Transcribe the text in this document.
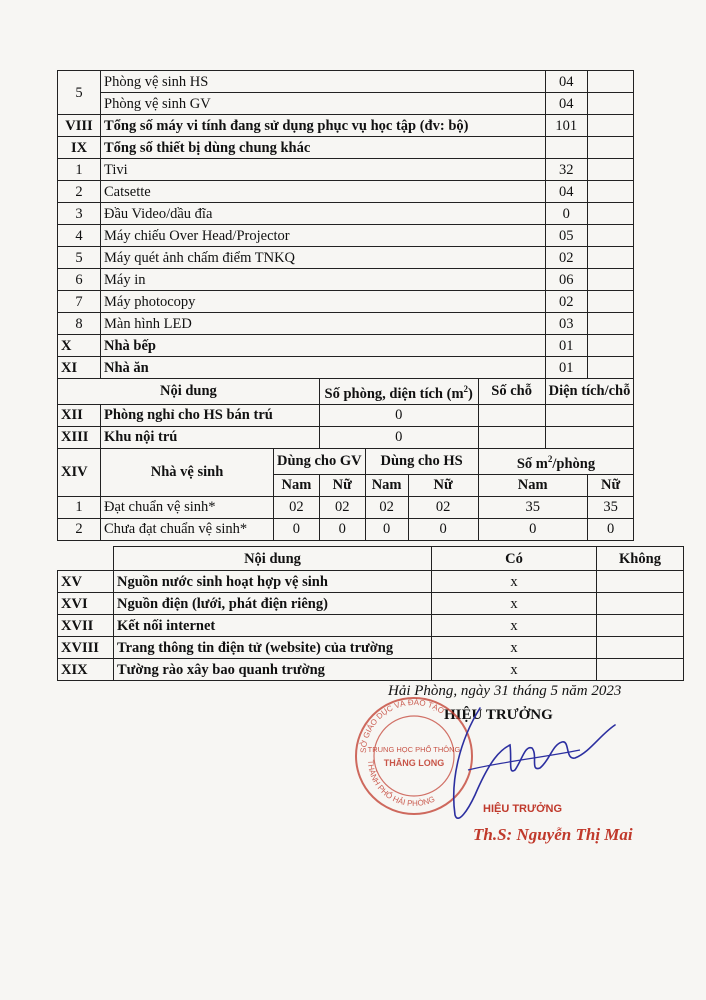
5	Phòng vệ sinh HS						04	
	Phòng vệ sinh GV						04	
VIII	Tổng số máy vi tính đang sử dụng phục vụ học tập (đv: bộ)						101	
IX	Tổng số thiết bị dùng chung khác							
1	Tivi						32	
2	Catsette						04	
3	Đầu Video/dầu đĩa						0	
4	Máy chiếu Over Head/Projector						05	
5	Máy quét ảnh chấm điểm TNKQ						02	
6	Máy in						06	
7	Máy photocopy						02	
8	Màn hình LED						03	
X	Nhà bếp						01	
XI	Nhà ăn						01	
Nội dung			Số phòng, diện tích $(m^2)$			Số chỗ	Diện tích/chỗ	
XII	Phòng nghỉ cho HS bán trú		0					
XIII	Khu nội trú		0					
XIV	Nhà vệ sinh	Dùng cho GV		Dùng cho HS		Số $m^2$/phòng		
		Nam	Nữ	Nam	Nữ	Nam		Nữ
1	Đạt chuẩn vệ sinh*	02	02	02	02	35		35
2	Chưa đạt chuẩn vệ sinh*	0	0	0	0	0		0
	Nội dung	Có	Không
XV	Nguồn nước sinh hoạt hợp vệ sinh	x	
XVI	Nguồn điện (lưới, phát điện riêng)	x	
XVII	Kết nối internet	x	
XVIII	Trang thông tin điện tử (website) của trường	x	
XIX	Tường rào xây bao quanh trường	x	
Hải Phòng, ngày 31 tháng 5 năm 2023
HIỆU TRƯỞNG
SỞ GIÁO DỤC VÀ ĐÀO TẠO
THÀNH PHỐ HẢI PHÒNG
TRUNG HỌC PHỔ THÔNG
THĂNG LONG
HIỆU TRƯỞNG
Th.S: Nguyễn Thị Mai
